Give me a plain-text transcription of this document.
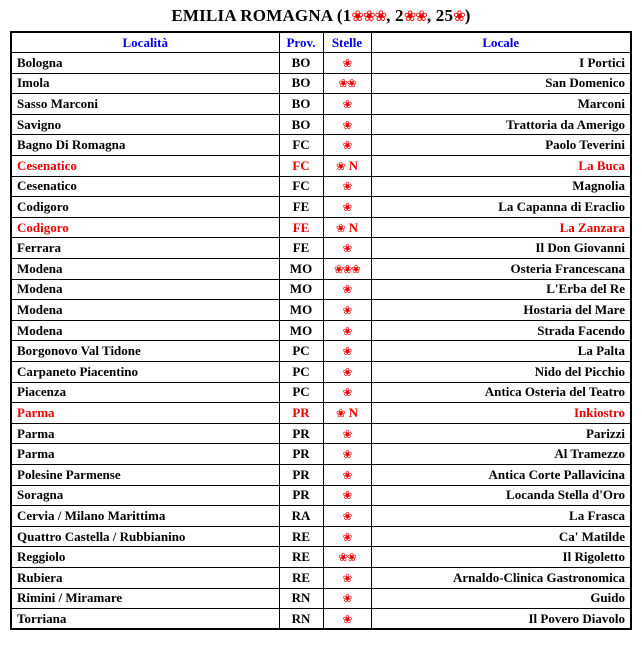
EMILIA ROMAGNA (1❀❀❀, 2❀❀, 25❀)
Località	Prov.	Stelle	Locale
Bologna	BO	❀	I Portici
Imola	BO	❀❀	San Domenico
Sasso Marconi	BO	❀	Marconi
Savigno	BO	❀	Trattoria da Amerigo
Bagno Di Romagna	FC	❀	Paolo Teverini
Cesenatico	FC	❀ N	La Buca
Cesenatico	FC	❀	Magnolia
Codigoro	FE	❀	La Capanna di Eraclio
Codigoro	FE	❀ N	La Zanzara
Ferrara	FE	❀	Il Don Giovanni
Modena	MO	❀❀❀	Osteria Francescana
Modena	MO	❀	L'Erba del Re
Modena	MO	❀	Hostaria del Mare
Modena	MO	❀	Strada Facendo
Borgonovo Val Tidone	PC	❀	La Palta
Carpaneto Piacentino	PC	❀	Nido del Picchio
Piacenza	PC	❀	Antica Osteria del Teatro
Parma	PR	❀ N	Inkiostro
Parma	PR	❀	Parizzi
Parma	PR	❀	Al Tramezzo
Polesine Parmense	PR	❀	Antica Corte Pallavicina
Soragna	PR	❀	Locanda Stella d'Oro
Cervia / Milano Marittima	RA	❀	La Frasca
Quattro Castella / Rubbianino	RE	❀	Ca' Matilde
Reggiolo	RE	❀❀	Il Rigoletto
Rubiera	RE	❀	Arnaldo-Clinica Gastronomica
Rimini / Miramare	RN	❀	Guido
Torriana	RN	❀	Il Povero Diavolo
